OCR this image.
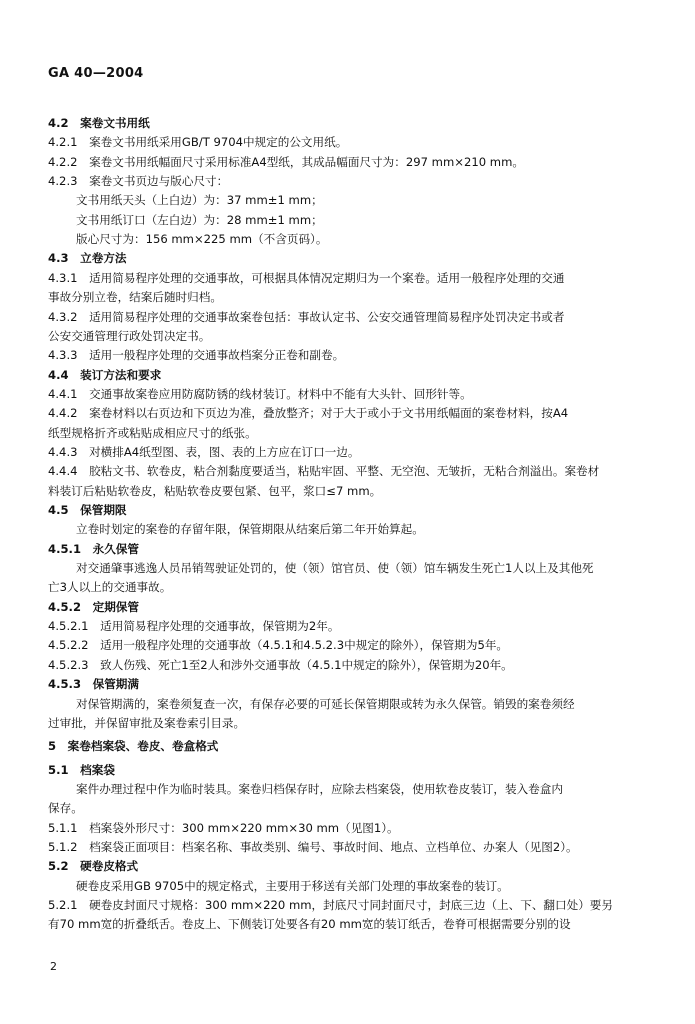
GA 40—2004
4.2　案卷文书用纸
4.2.1　案卷文书用纸采用GB/T 9704中规定的公文用纸。
4.2.2　案卷文书用纸幅面尺寸采用标准A4型纸，其成品幅面尺寸为：297 mm×210 mm。
4.2.3　案卷文书页边与版心尺寸：
文书用纸天头（上白边）为：37 mm±1 mm；
文书用纸订口（左白边）为：28 mm±1 mm；
版心尺寸为：156 mm×225 mm（不含页码）。
4.3　立卷方法
4.3.1　适用简易程序处理的交通事故，可根据具体情况定期归为一个案卷。适用一般程序处理的交通
事故分别立卷，结案后随时归档。
4.3.2　适用简易程序处理的交通事故案卷包括：事故认定书、公安交通管理简易程序处罚决定书或者
公安交通管理行政处罚决定书。
4.3.3　适用一般程序处理的交通事故档案分正卷和副卷。
4.4　装订方法和要求
4.4.1　交通事故案卷应用防腐防锈的线材装订。材料中不能有大头针、回形针等。
4.4.2　案卷材料以右页边和下页边为准，叠放整齐；对于大于或小于文书用纸幅面的案卷材料，按A4
纸型规格折齐或粘贴成相应尺寸的纸张。
4.4.3　对横排A4纸型图、表，图、表的上方应在订口一边。
4.4.4　胶粘文书、软卷皮，粘合剂黏度要适当，粘贴牢固、平整、无空泡、无皱折，无粘合剂溢出。案卷材
料装订后粘贴软卷皮，粘贴软卷皮要包紧、包平，浆口≤7 mm。
4.5　保管期限
立卷时划定的案卷的存留年限，保管期限从结案后第二年开始算起。
4.5.1　永久保管
对交通肇事逃逸人员吊销驾驶证处罚的，使（领）馆官员、使（领）馆车辆发生死亡1人以上及其他死
亡3人以上的交通事故。
4.5.2　定期保管
4.5.2.1　适用简易程序处理的交通事故，保管期为2年。
4.5.2.2　适用一般程序处理的交通事故（4.5.1和4.5.2.3中规定的除外），保管期为5年。
4.5.2.3　致人伤残、死亡1至2人和涉外交通事故（4.5.1中规定的除外），保管期为20年。
4.5.3　保管期满
对保管期满的，案卷须复查一次，有保存必要的可延长保管期限或转为永久保管。销毁的案卷须经
过审批，并保留审批及案卷索引目录。
5　案卷档案袋、卷皮、卷盒格式
5.1　档案袋
案件办理过程中作为临时装具。案卷归档保存时，应除去档案袋，使用软卷皮装订，装入卷盒内
保存。
5.1.1　档案袋外形尺寸：300 mm×220 mm×30 mm（见图1）。
5.1.2　档案袋正面项目：档案名称、事故类别、编号、事故时间、地点、立档单位、办案人（见图2）。
5.2　硬卷皮格式
硬卷皮采用GB 9705中的规定格式，主要用于移送有关部门处理的事故案卷的装订。
5.2.1　硬卷皮封面尺寸规格：300 mm×220 mm，封底尺寸同封面尺寸，封底三边（上、下、翻口处）要另
有70 mm宽的折叠纸舌。卷皮上、下侧装订处要各有20 mm宽的装订纸舌，卷脊可根据需要分别的设
2
